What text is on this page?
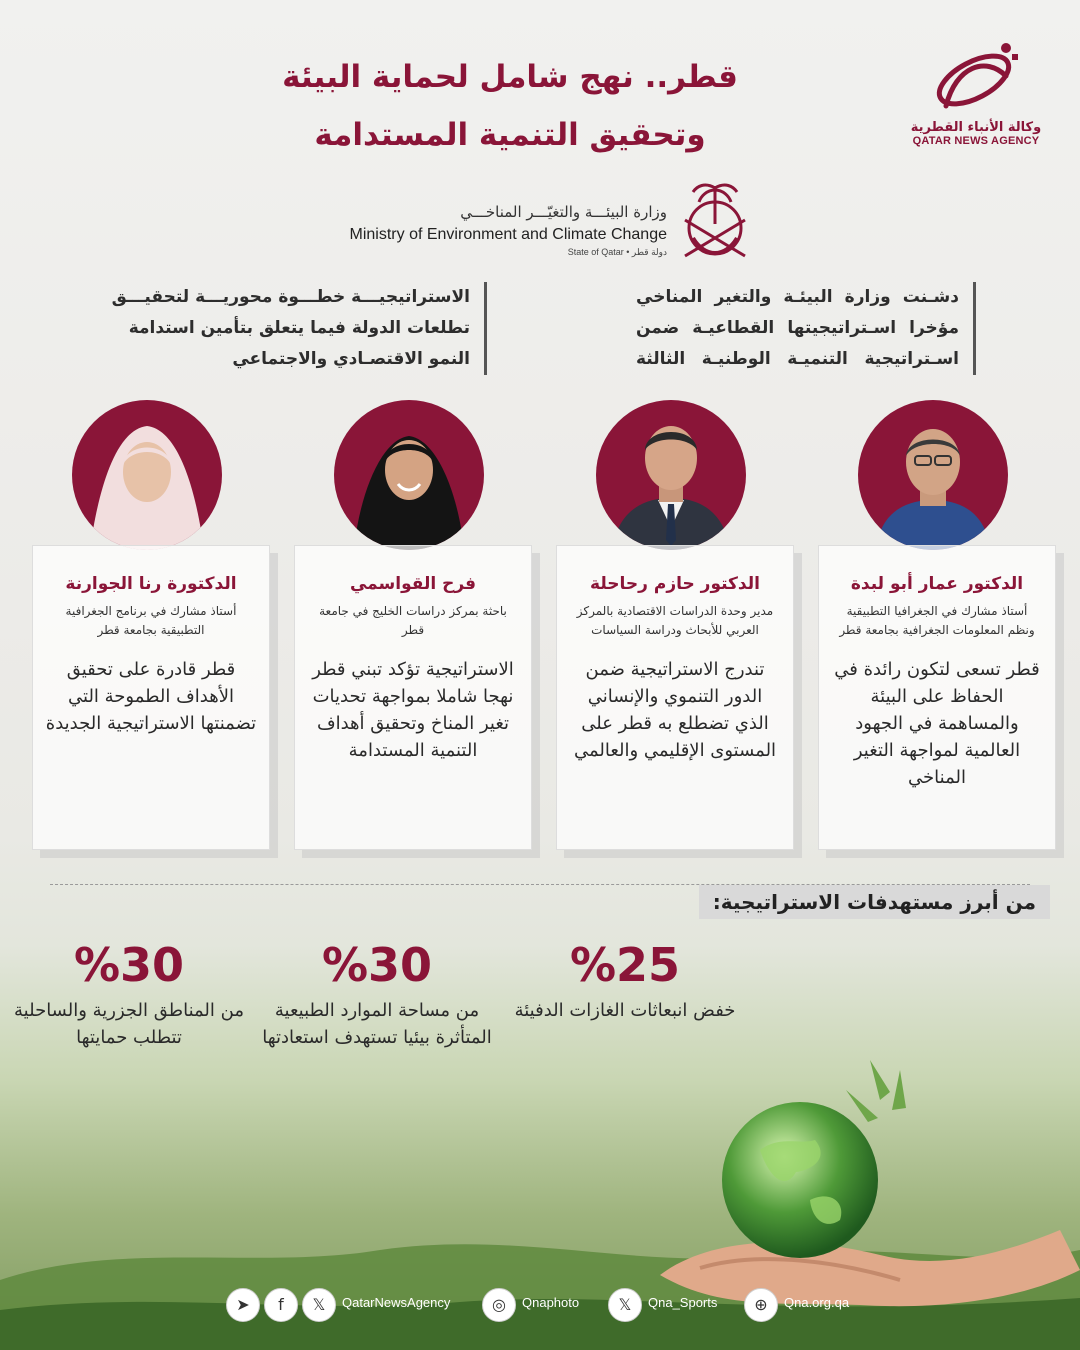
قطر.. نهج شامل لحماية البيئة
وتحقيق التنمية المستدامة	وكالة الأنباء القطرية
QATAR NEWS AGENCY
وزارة البيئـــة والتغيّـــر المناخـــي
Ministry of Environment and Climate Change
State of Qatar • دولة قطر
دشـنت وزارة البيئـة والتغير المناخي
مؤخرا اسـتراتيجيتها القطاعيـة ضمن
اسـتراتيجية التنميـة الوطنيـة الثالثة
الاستراتيجيـــة خطـــوة محوريـــة لتحقيـــق
تطلعات الدولة فيما يتعلق بتأمين استدامة
النمو الاقتصـادي والاجتماعي
الدكتور عمار أبو لبدة
أستاذ مشارك في الجغرافيا التطبيقية ونظم المعلومات الجغرافية بجامعة قطر
قطر تسعى لتكون رائدة في الحفاظ على البيئة والمساهمة في الجهود العالمية لمواجهة التغير المناخي
الدكتور حازم رحاحلة
مدير وحدة الدراسات الاقتصادية بالمركز العربي للأبحاث ودراسة السياسات
تندرج الاستراتيجية ضمن الدور التنموي والإنساني الذي تضطلع به قطر على المستوى الإقليمي والعالمي
فرح القواسمي
باحثة بمركز دراسات الخليج في جامعة قطر
الاستراتيجية تؤكد تبني قطر نهجا شاملا بمواجهة تحديات تغير المناخ وتحقيق أهداف التنمية المستدامة
الدكتورة رنا الجوارنة
أستاذ مشارك في برنامج الجغرافية التطبيقية بجامعة قطر
قطر قادرة على تحقيق الأهداف الطموحة التي تضمنتها الاستراتيجية الجديدة
من أبرز مستهدفات الاستراتيجية:
%25
خفض انبعاثات الغازات الدفيئة
%30
من مساحة الموارد الطبيعية المتأثرة بيئيا تستهدف استعادتها
%30
من المناطق الجزرية والساحلية تتطلب حمايتها
➤	f	𝕏	QatarNewsAgency	◎	Qnaphoto	𝕏	Qna_Sports	⊕	Qna.org.qa
